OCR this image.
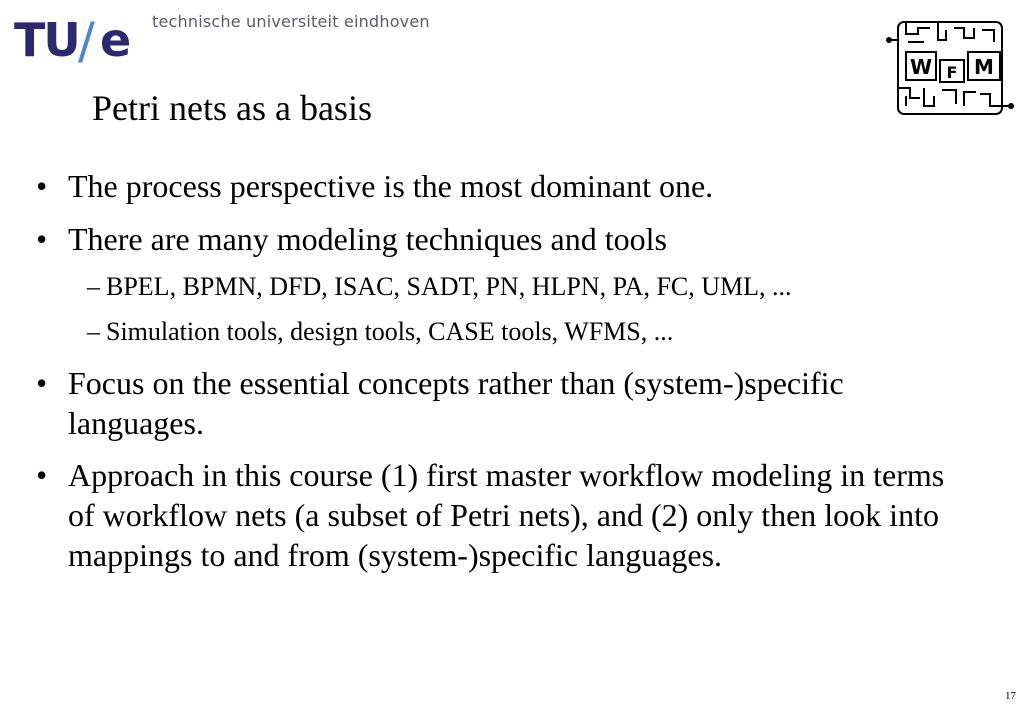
TU / e technische universiteit eindhoven
Petri nets as a basis
W F M
• The process perspective is the most dominant one.
• There are many modeling techniques and tools
– BPEL, BPMN, DFD, ISAC, SADT, PN, HLPN, PA, FC, UML, ...
– Simulation tools, design tools, CASE tools, WFMS, ...
• Focus on the essential concepts rather than (system-)specific languages.
• Approach in this course (1) first master workflow modeling in terms of workflow nets (a subset of Petri nets), and (2) only then look into mappings to and from (system-)specific languages.
17
